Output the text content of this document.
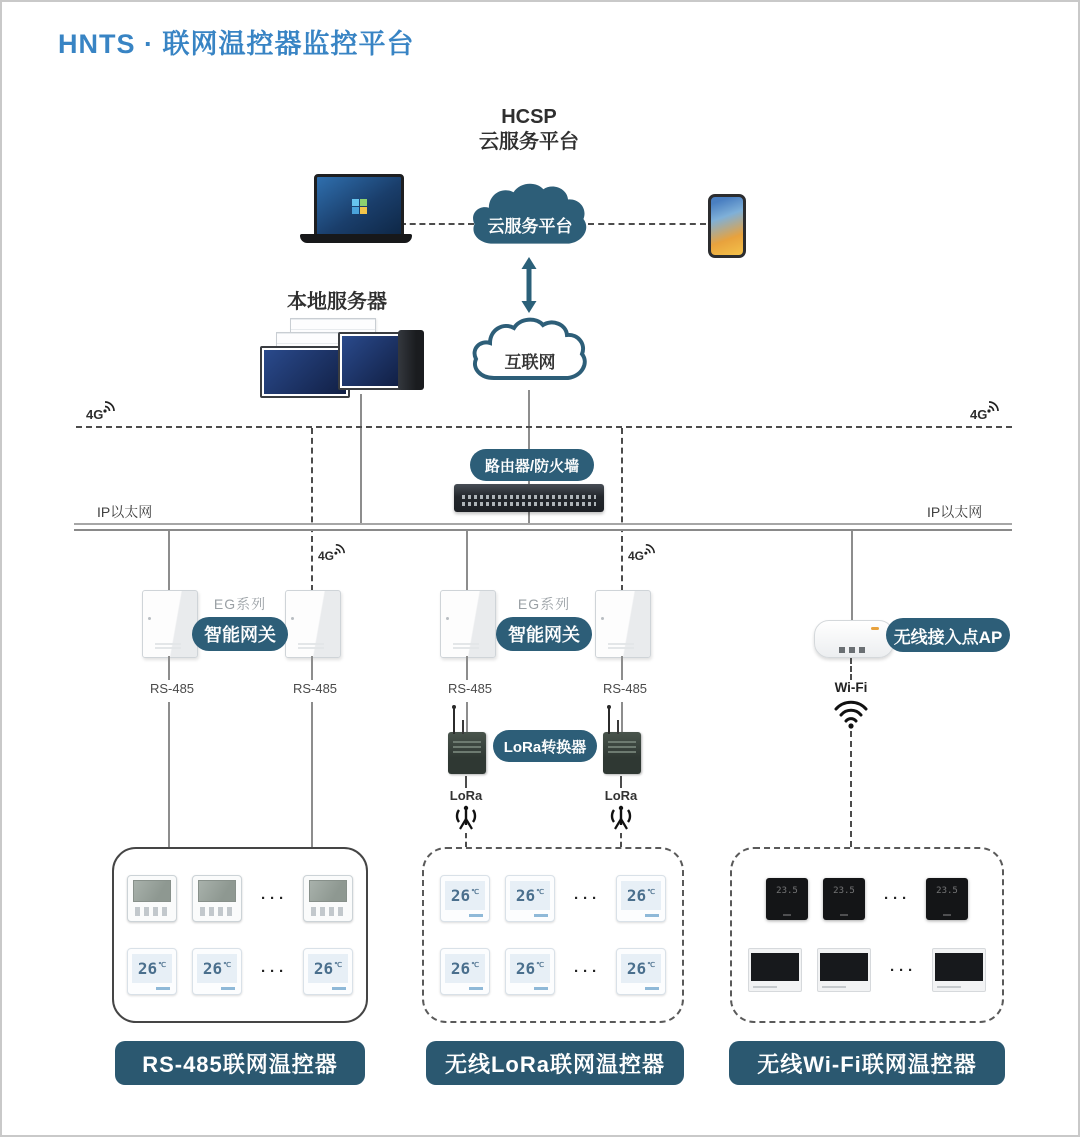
HNTS · 联网温控器监控平台
HCSP
云服务平台
云服务平台
本地服务器
互联网
4G	4G
IP以太网	IP以太网
路由器/防火墙
4G	4G
EG系列
智能网关
EG系列
智能网关
RS-485	RS-485	RS-485	RS-485
LoRa转换器
LoRa	LoRa
无线接入点AP
Wi-Fi
···
26 ℃ 26 ℃ ··· 26 ℃
26 ℃ 26 ℃ ··· 26 ℃
26 ℃ 26 ℃ ··· 26 ℃
23.5	23.5	···	23.5
···
RS-485联网温控器	无线LoRa联网温控器	无线Wi-Fi联网温控器
